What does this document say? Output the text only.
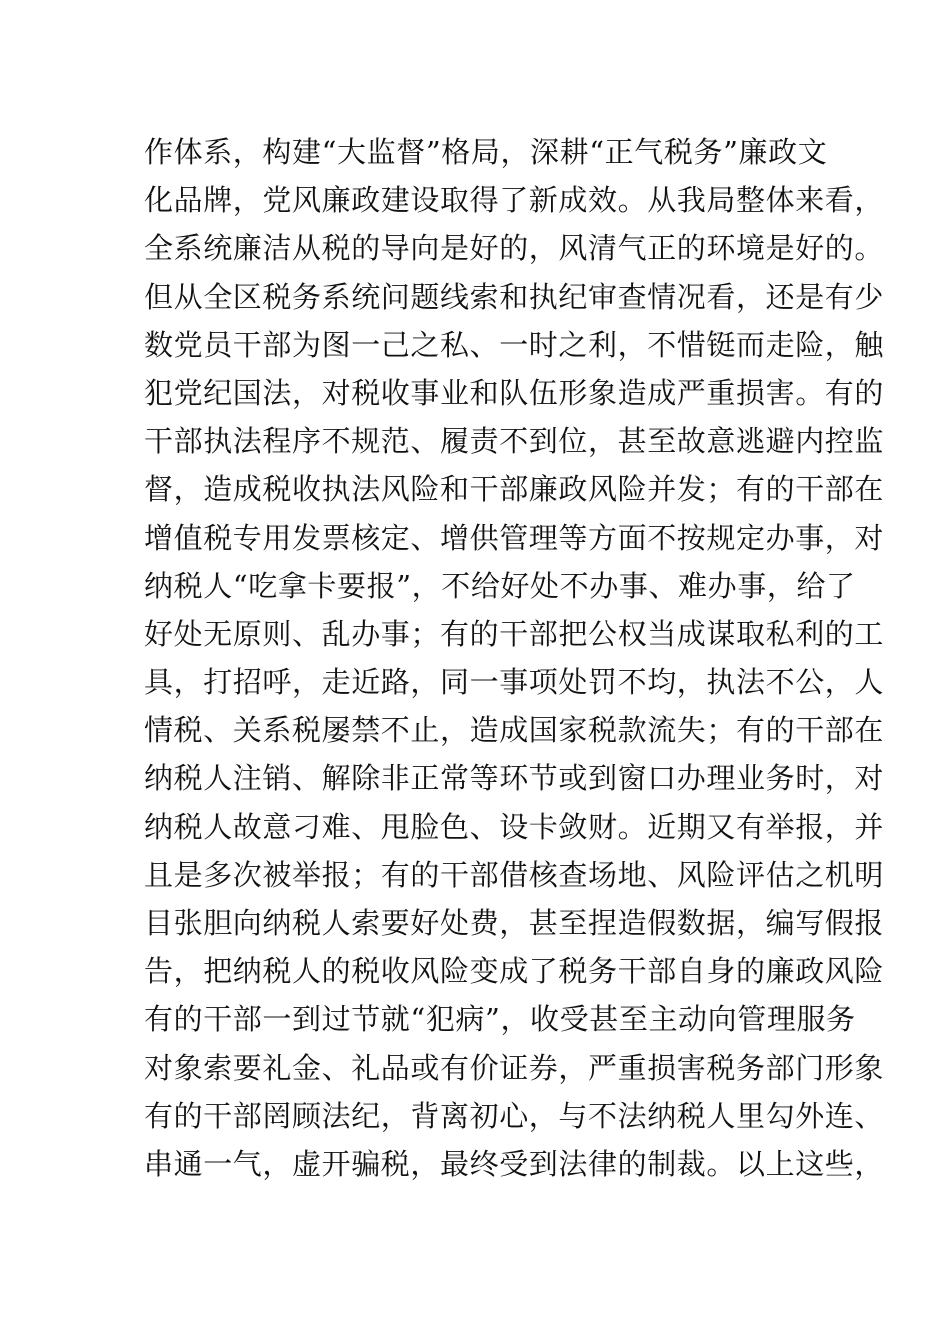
作体系，构建“大监督”格局，深耕“正气税务”廉政文
化品牌，党风廉政建设取得了新成效。从我局整体来看，
全系统廉洁从税的导向是好的，风清气正的环境是好的。
但从全区税务系统问题线索和执纪审查情况看，还是有少
数党员干部为图一己之私、一时之利，不惜铤而走险，触
犯党纪国法，对税收事业和队伍形象造成严重损害。有的
干部执法程序不规范、履责不到位，甚至故意逃避内控监
督，造成税收执法风险和干部廉政风险并发；有的干部在
增值税专用发票核定、增供管理等方面不按规定办事，对
纳税人“吃拿卡要报”，不给好处不办事、难办事，给了
好处无原则、乱办事；有的干部把公权当成谋取私利的工
具，打招呼，走近路，同一事项处罚不均，执法不公，人
情税、关系税屡禁不止，造成国家税款流失；有的干部在
纳税人注销、解除非正常等环节或到窗口办理业务时，对
纳税人故意刁难、甩脸色、设卡敛财。近期又有举报，并
且是多次被举报；有的干部借核查场地、风险评估之机明
目张胆向纳税人索要好处费，甚至捏造假数据，编写假报
告，把纳税人的税收风险变成了税务干部自身的廉政风险
有的干部一到过节就“犯病”，收受甚至主动向管理服务
对象索要礼金、礼品或有价证券，严重损害税务部门形象
有的干部罔顾法纪，背离初心，与不法纳税人里勾外连、
串通一气，虚开骗税，最终受到法律的制裁。以上这些，
